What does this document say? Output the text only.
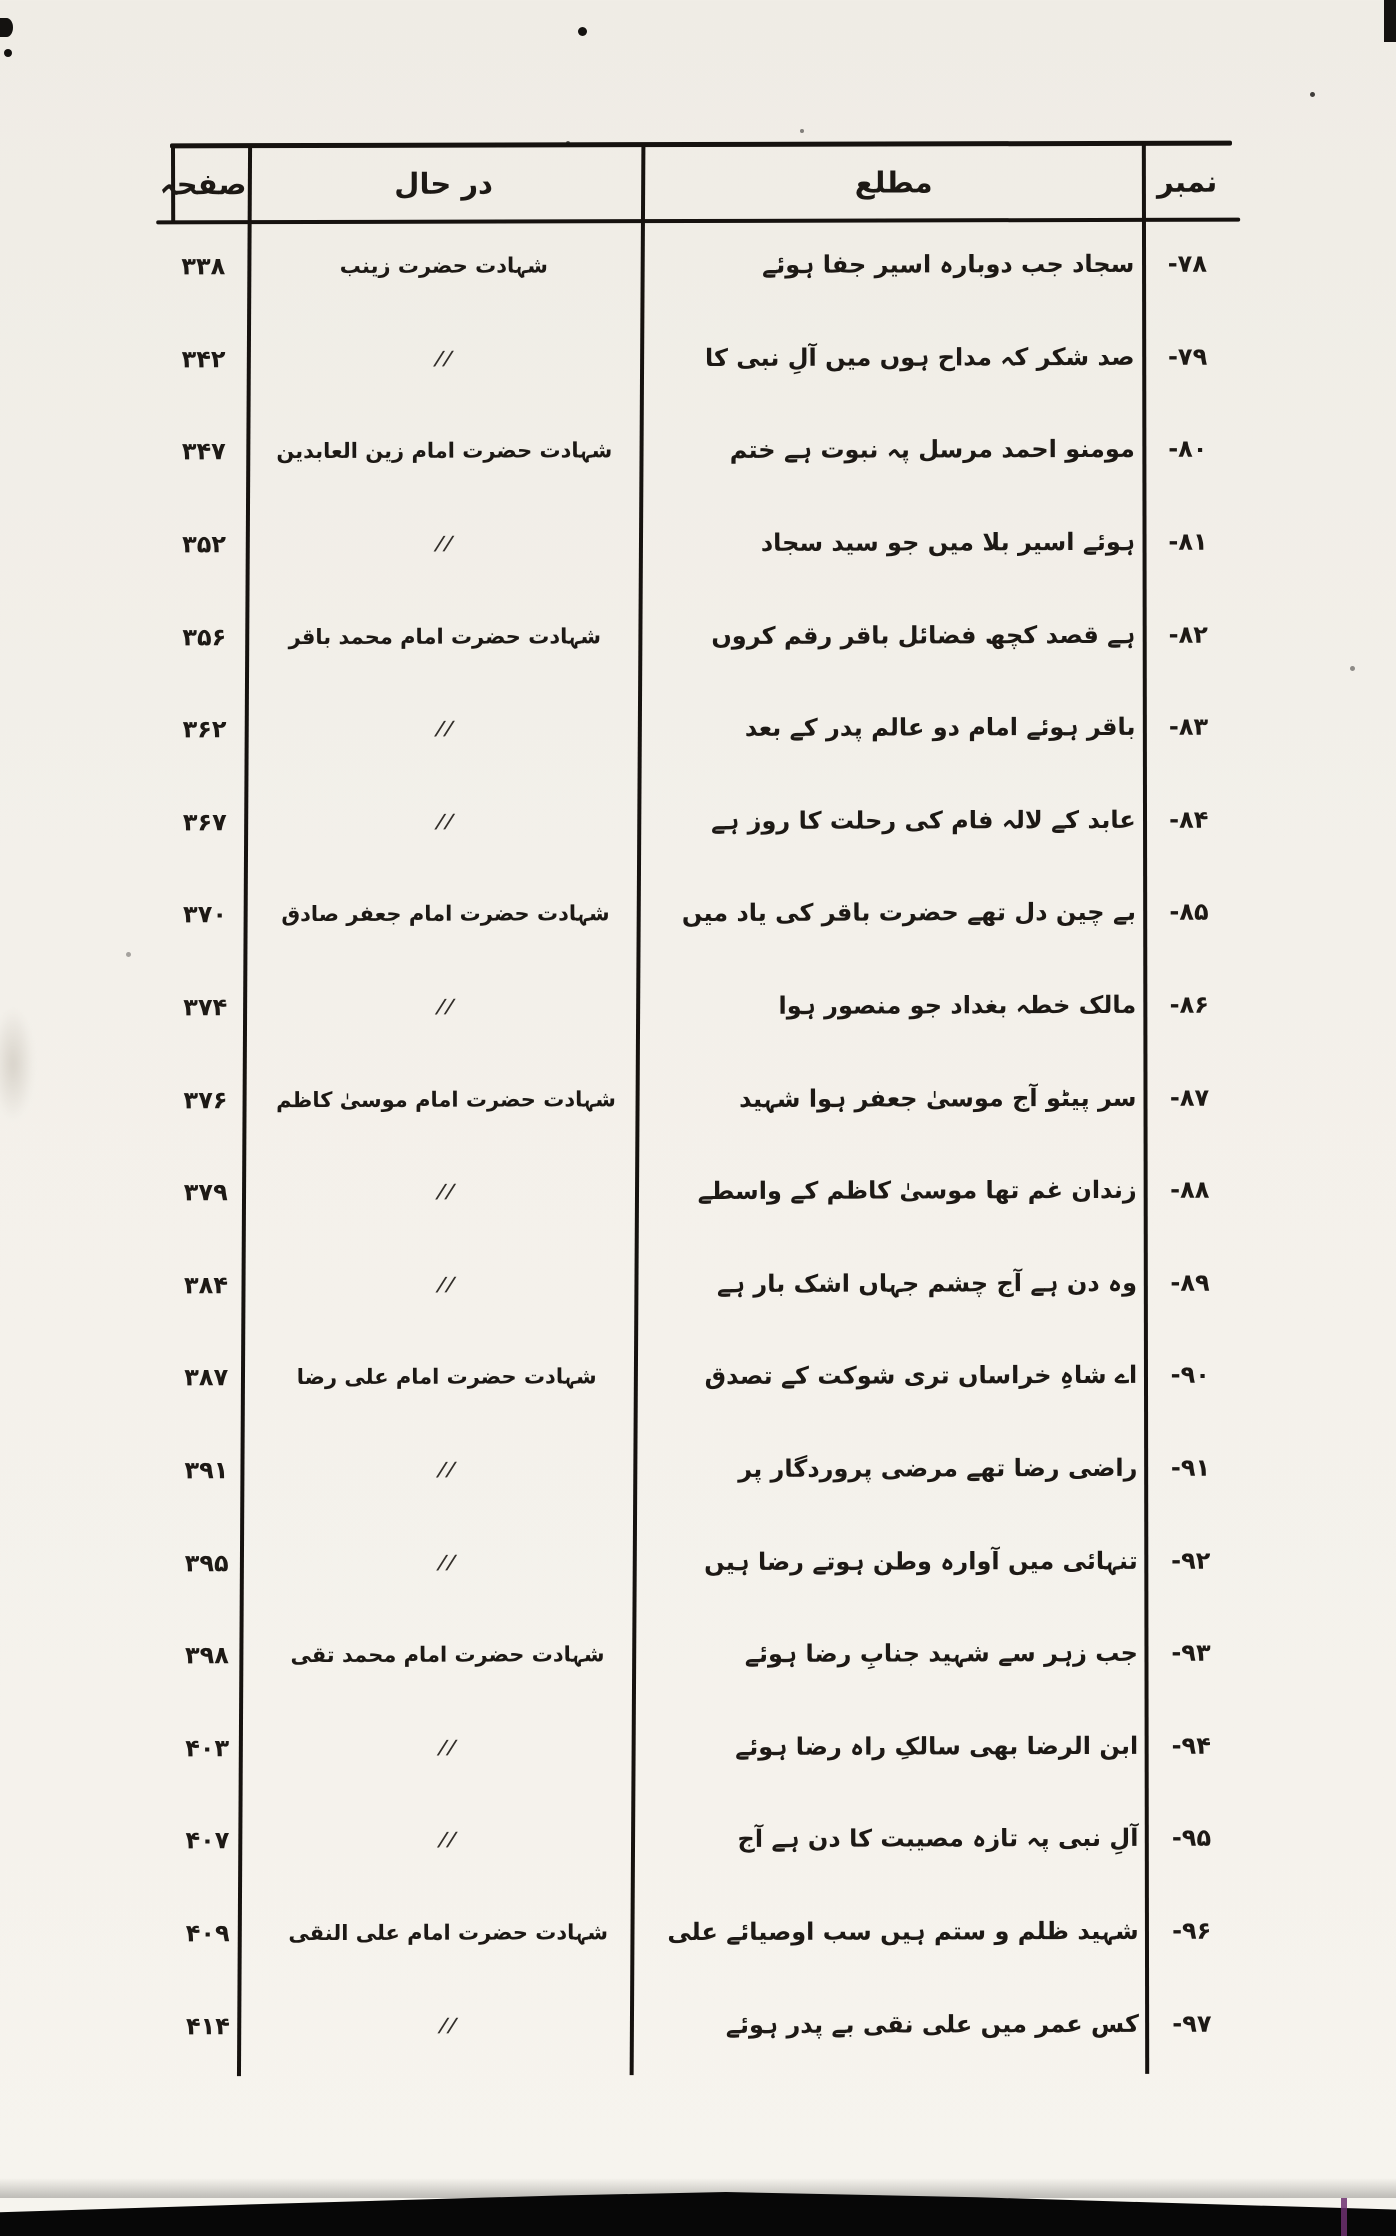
نمبر
مطلع
در حال
صفحہ
۷۸-
سجاد جب دوبارہ اسیر جفا ہوئے
شہادت حضرت زینب
۳۳۸
۷۹-
صد شکر کہ مداح ہوں میں آلِ نبی کا
//
۳۴۲
۸۰-
مومنو احمد مرسل پہ نبوت ہے ختم
شہادت حضرت امام زین العابدین
۳۴۷
۸۱-
ہوئے اسیر بلا میں جو سید سجاد
//
۳۵۲
۸۲-
ہے قصد کچھ فضائل باقر رقم کروں
شہادت حضرت امام محمد باقر
۳۵۶
۸۳-
باقر ہوئے امام دو عالم پدر کے بعد
//
۳۶۲
۸۴-
عابد کے لالہ فام کی رحلت کا روز ہے
//
۳۶۷
۸۵-
بے چین دل تھے حضرت باقر کی یاد میں
شہادت حضرت امام جعفر صادق
۳۷۰
۸۶-
مالک خطہ بغداد جو منصور ہوا
//
۳۷۴
۸۷-
سر پیٹو آج موسیٰ جعفر ہوا شہید
شہادت حضرت امام موسیٰ کاظم
۳۷۶
۸۸-
زندان غم تھا موسیٰ کاظم کے واسطے
//
۳۷۹
۸۹-
وہ دن ہے آج چشم جہاں اشک بار ہے
//
۳۸۴
۹۰-
اے شاہِ خراساں تری شوکت کے تصدق
شہادت حضرت امام علی رضا
۳۸۷
۹۱-
راضی رضا تھے مرضی پروردگار پر
//
۳۹۱
۹۲-
تنہائی میں آوارہ وطن ہوتے رضا ہیں
//
۳۹۵
۹۳-
جب زہر سے شہید جنابِ رضا ہوئے
شہادت حضرت امام محمد تقی
۳۹۸
۹۴-
ابن الرضا بھی سالکِ راہ رضا ہوئے
//
۴۰۳
۹۵-
آلِ نبی پہ تازہ مصیبت کا دن ہے آج
//
۴۰۷
۹۶-
شہید ظلم و ستم ہیں سب اوصیائے علی
شہادت حضرت امام علی النقی
۴۰۹
۹۷-
کس عمر میں علی نقی بے پدر ہوئے
//
۴۱۴
